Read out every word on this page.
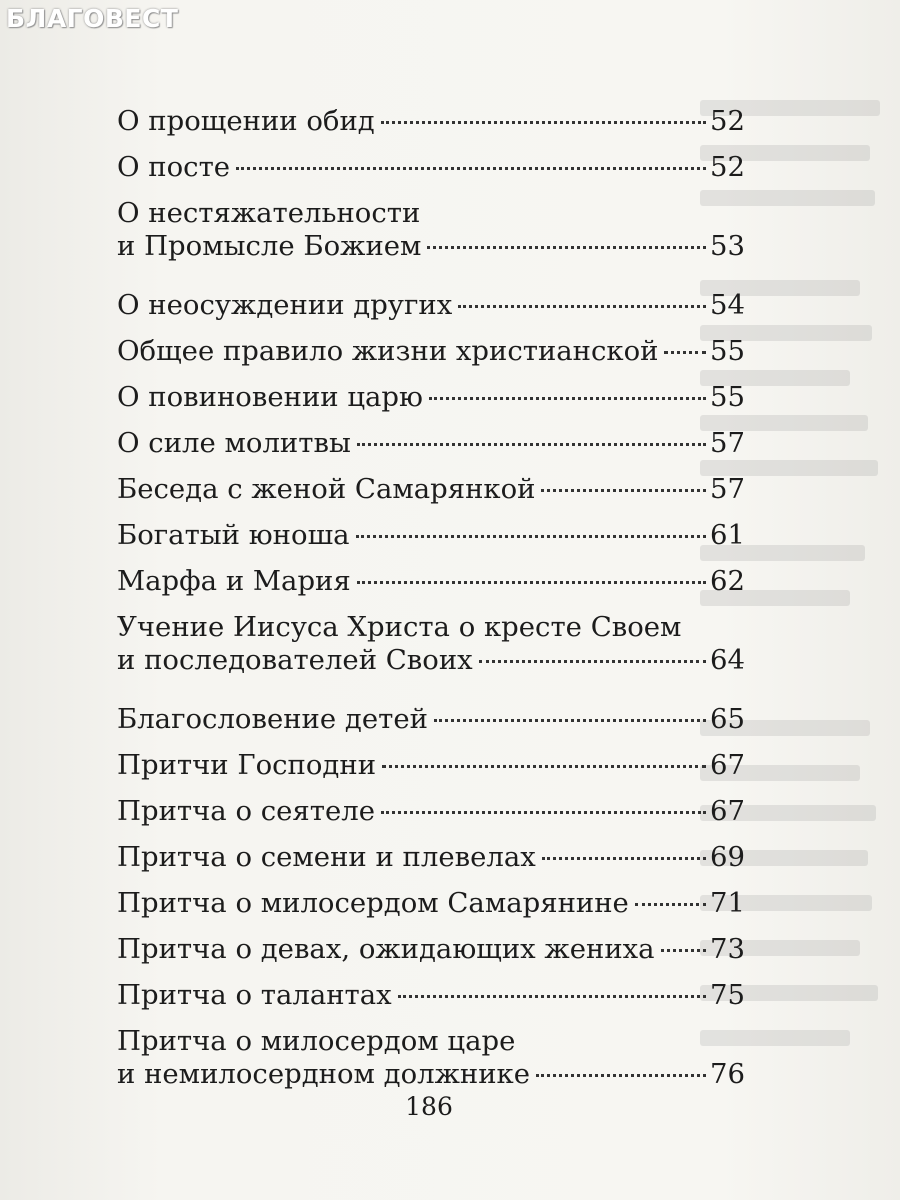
БЛАГОВЕСТ
О прощении обид	52
О посте	52
О нестяжательности
и Промысле Божием	53
О неосуждении других	54
Общее правило жизни христианской 55
О повиновении царю	55
О силе молитвы	57
Беседа с женой Самарянкой	57
Богатый юноша	61
Марфа и Мария	62
Учение Иисуса Христа о кресте Своем
и последователей Своих	64
Благословение детей	65
Притчи Господни	67
Притча о сеятеле	67
Притча о семени и плевелах	69
Притча о милосердом Самарянине	71
Притча о девах, ожидающих жениха 73
Притча о талантах	75
Притча о милосердом царе
и немилосердном должнике	76
186
